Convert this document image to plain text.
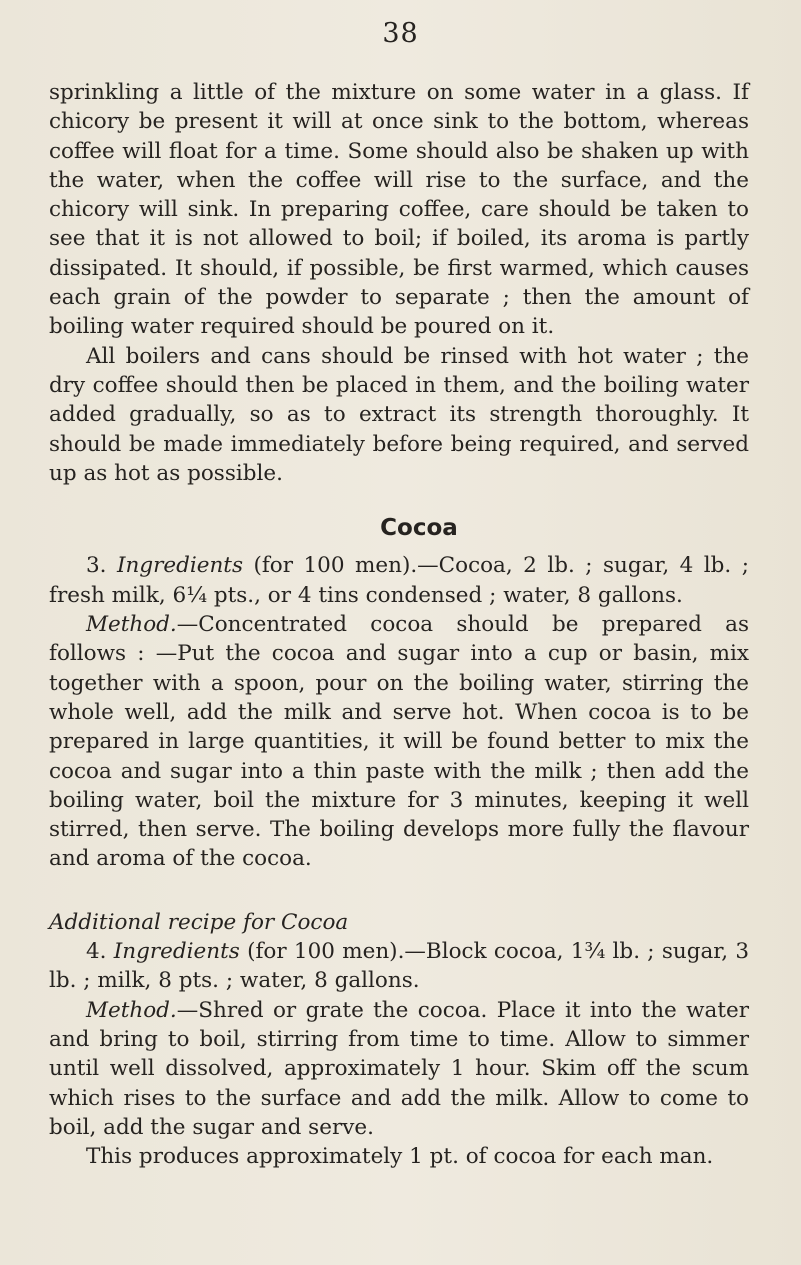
38

sprinkling a little of the mixture on some water in a glass. If chicory be present it will at once sink to the bottom, whereas coffee will float for a time. Some should also be shaken up with the water, when the coffee will rise to the surface, and the chicory will sink. In preparing coffee, care should be taken to see that it is not allowed to boil; if boiled, its aroma is partly dissipated. It should, if possible, be first warmed, which causes each grain of the powder to separate ; then the amount of boiling water required should be poured on it.

All boilers and cans should be rinsed with hot water ; the dry coffee should then be placed in them, and the boiling water added gradually, so as to extract its strength thoroughly. It should be made immediately before being required, and served up as hot as possible.

Cocoa

3. Ingredients (for 100 men).—Cocoa, 2 lb. ; sugar, 4 lb. ; fresh milk, 6¼ pts., or 4 tins condensed ; water, 8 gallons.

Method.—Concentrated cocoa should be prepared as follows : —Put the cocoa and sugar into a cup or basin, mix together with a spoon, pour on the boiling water, stirring the whole well, add the milk and serve hot. When cocoa is to be prepared in large quantities, it will be found better to mix the cocoa and sugar into a thin paste with the milk ; then add the boiling water, boil the mixture for 3 minutes, keeping it well stirred, then serve. The boiling develops more fully the flavour and aroma of the cocoa.

Additional recipe for Cocoa

4. Ingredients (for 100 men).—Block cocoa, 1¾ lb. ; sugar, 3 lb. ; milk, 8 pts. ; water, 8 gallons.

Method.—Shred or grate the cocoa. Place it into the water and bring to boil, stirring from time to time. Allow to simmer until well dissolved, approximately 1 hour. Skim off the scum which rises to the surface and add the milk. Allow to come to boil, add the sugar and serve.

This produces approximately 1 pt. of cocoa for each man.
